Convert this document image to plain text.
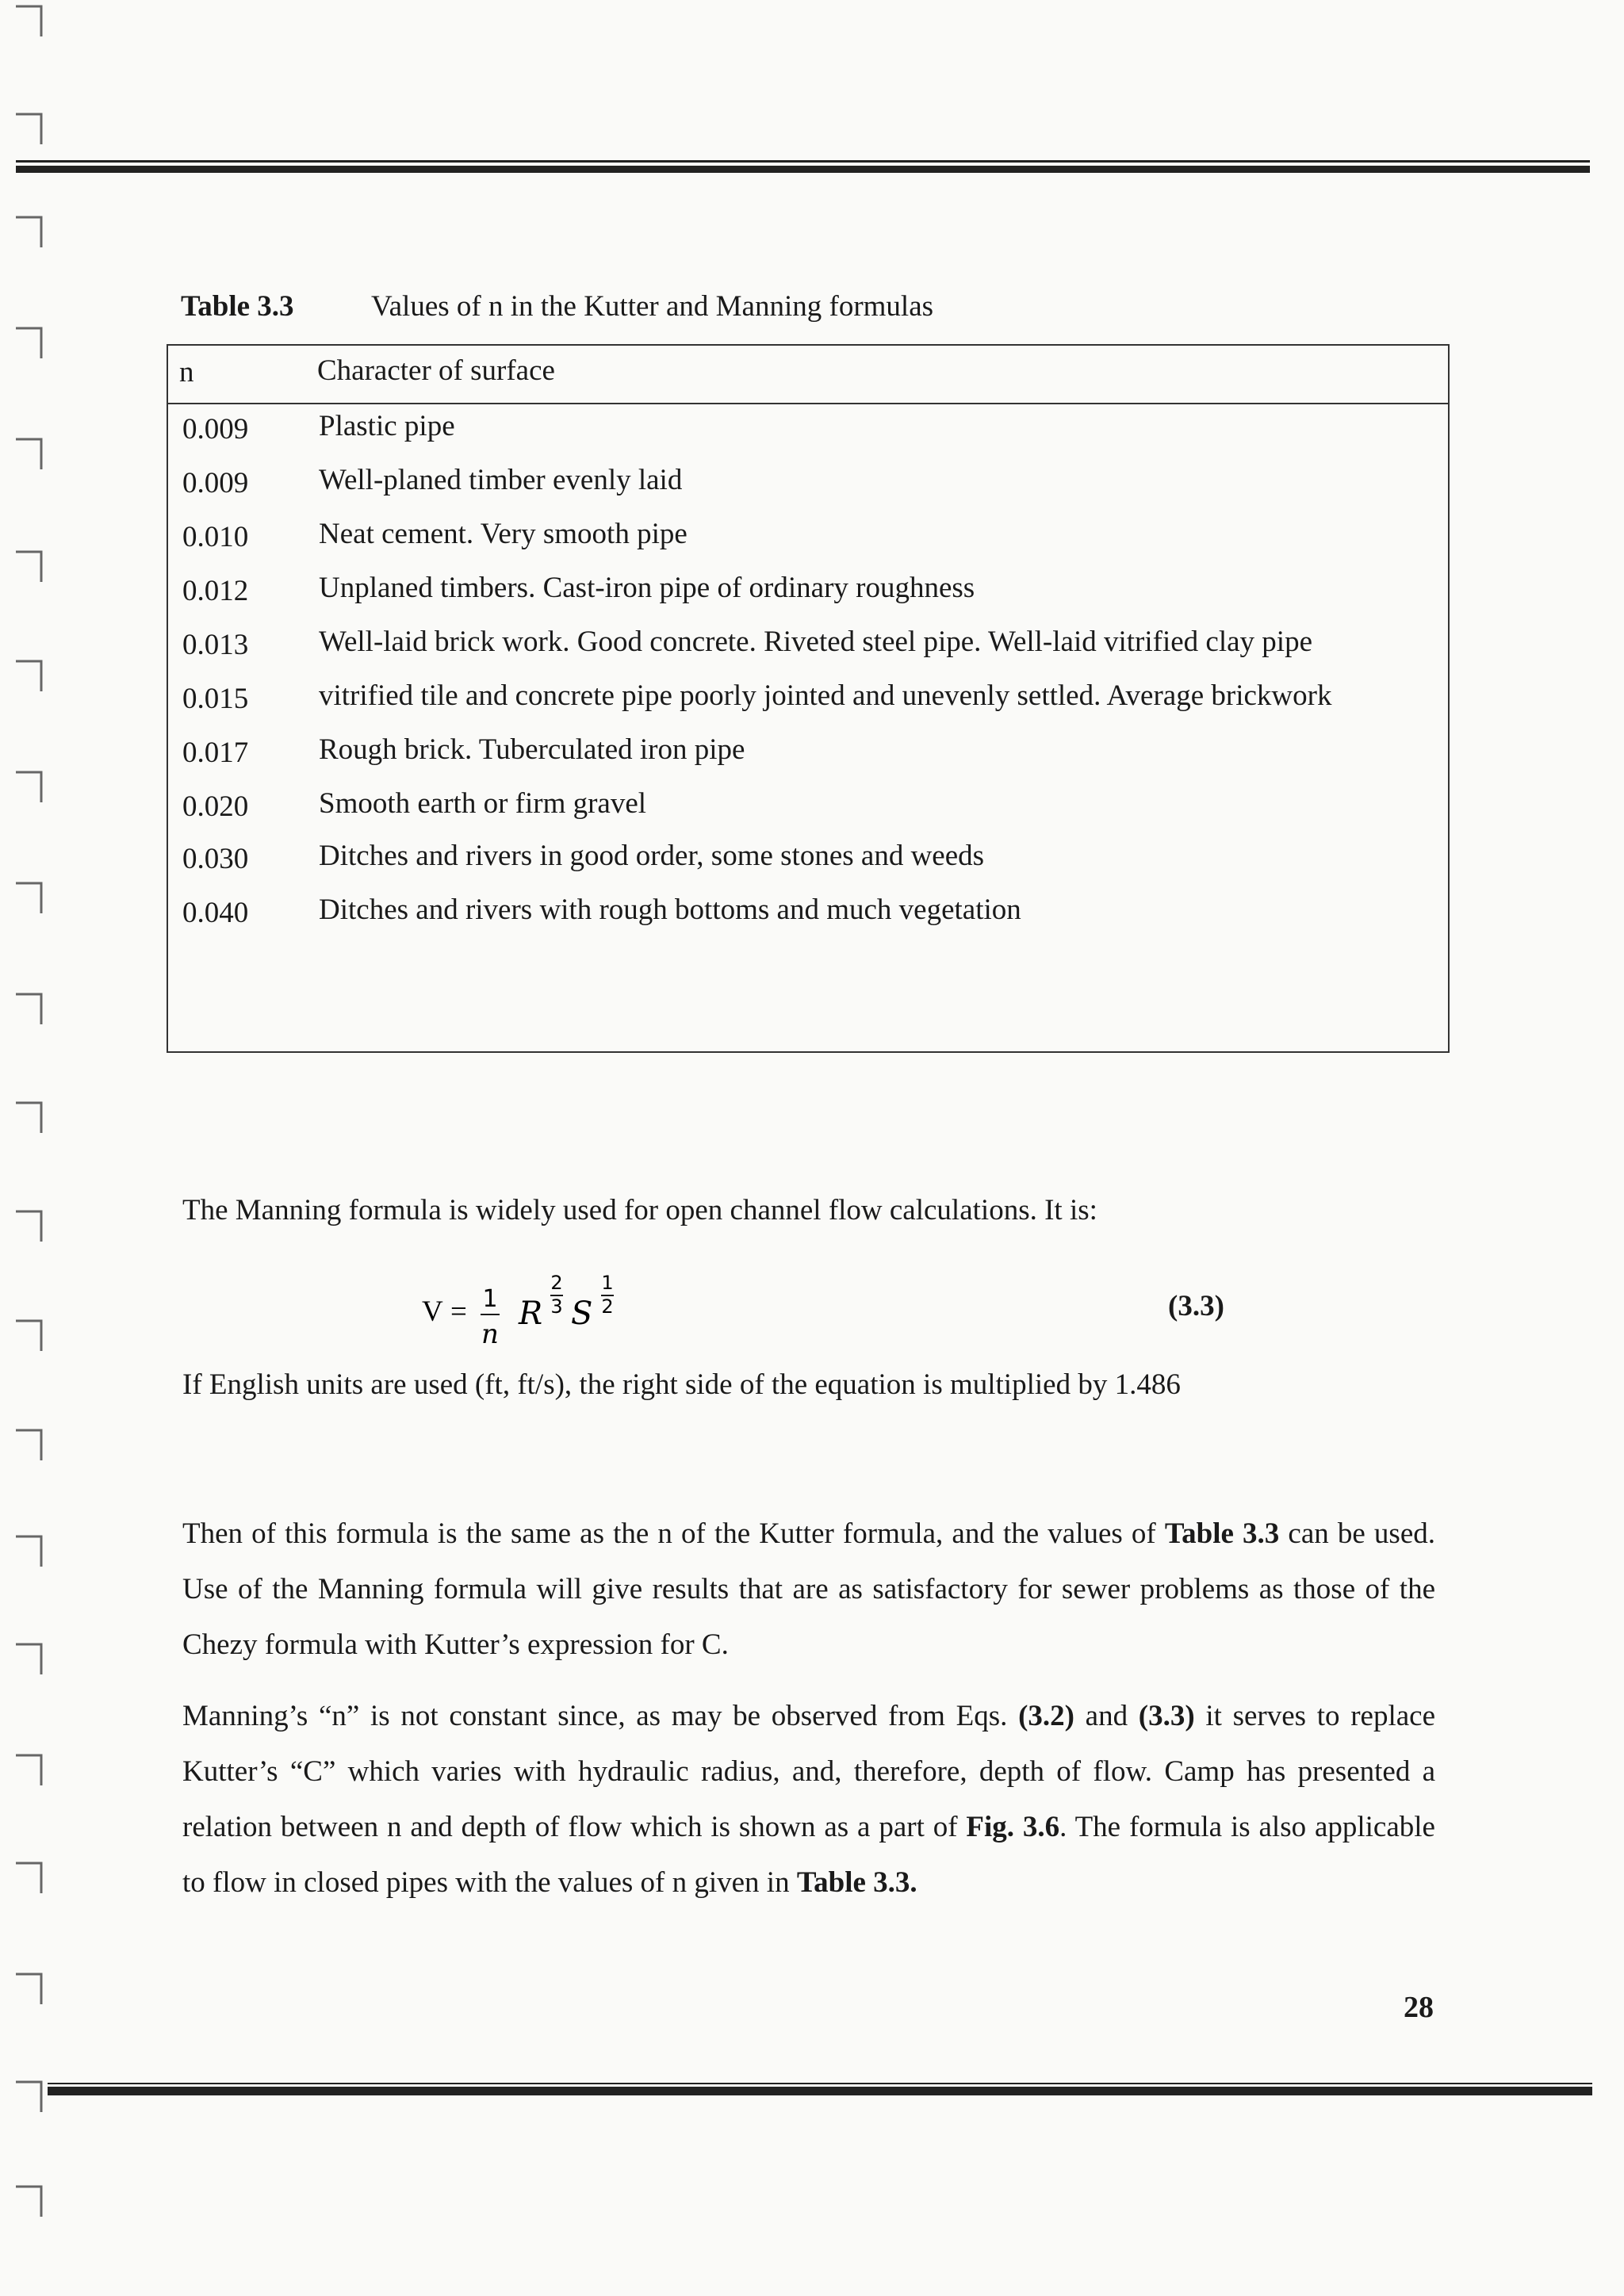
Table 3.3	Values of n in the Kutter and Manning formulas
n	Character of surface
0.009 Plastic pipe
0.009 Well-planed timber evenly laid
0.010 Neat cement. Very smooth pipe
0.012 Unplaned timbers. Cast-iron pipe of ordinary roughness
0.013 Well-laid brick work. Good concrete. Riveted steel pipe. Well-laid vitrified clay pipe
0.015 vitrified tile and concrete pipe poorly jointed and unevenly settled. Average brickwork
0.017 Rough brick. Tuberculated iron pipe
0.020 Smooth earth or firm gravel
0.030 Ditches and rivers in good order, some stones and weeds
0.040 Ditches and rivers with rough bottoms and much vegetation
The Manning formula is widely used for open channel flow calculations. It is:
V = 1
n
R
2
3 S
1
2	(3.3)
If English units are used (ft, ft/s), the right side of the equation is multiplied by 1.486
Then of this formula is the same as the n of the Kutter formula, and the values of Table 3.3 can be used. Use of the Manning formula will give results that are as satisfactory for sewer problems as those of the Chezy formula with Kutter’s expression for C.
Manning’s “n” is not constant since, as may be observed from Eqs. (3.2) and (3.3) it serves to replace Kutter’s “C” which varies with hydraulic radius, and, therefore, depth of flow. Camp has presented a relation between n and depth of flow which is shown as a part of Fig. 3.6. The formula is also applicable to flow in closed pipes with the values of n given in Table 3.3.
28
